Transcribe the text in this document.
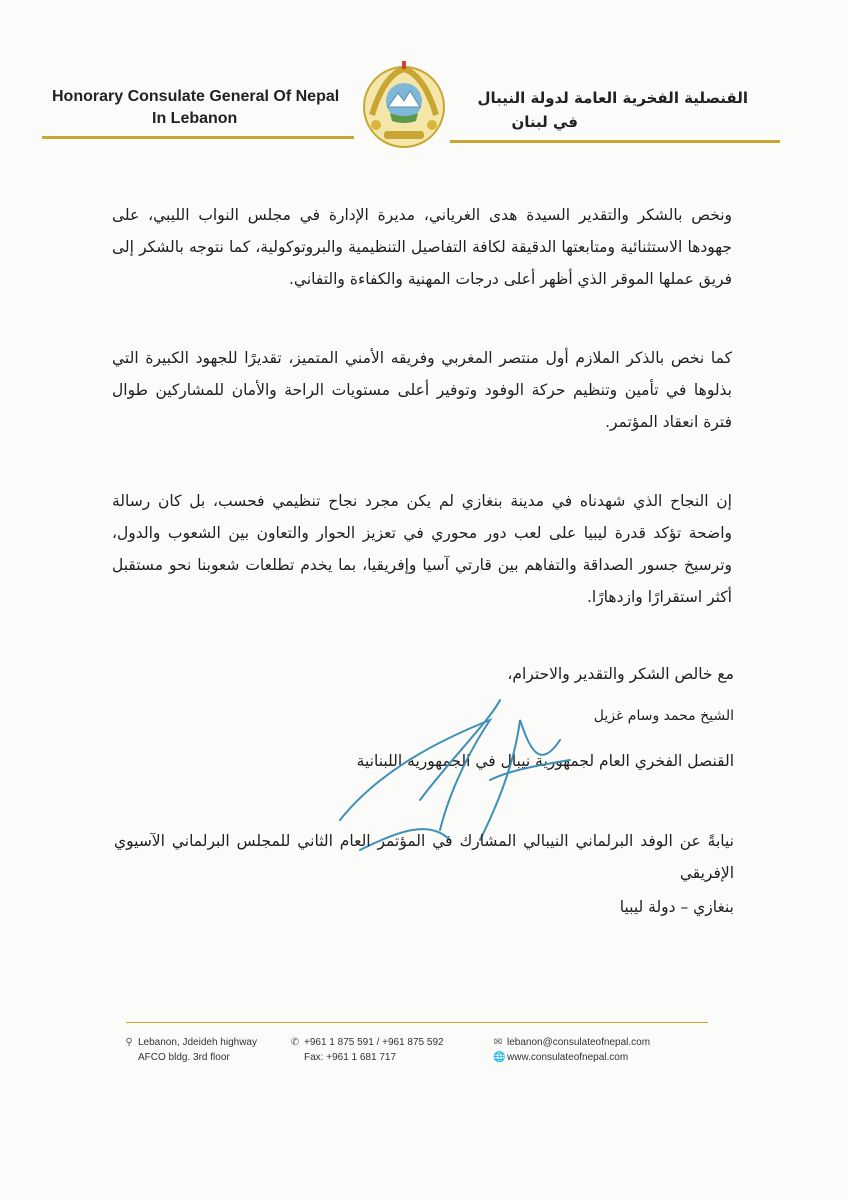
Honorary Consulate General Of Nepal
In Lebanon
القنصلية الفخرية العامة لدولة النيبال
في لبنان
ونخص بالشكر والتقدير السيدة هدى الغرياني، مديرة الإدارة في مجلس النواب الليبي، على جهودها الاستثنائية ومتابعتها الدقيقة لكافة التفاصيل التنظيمية والبروتوكولية، كما نتوجه بالشكر إلى فريق عملها الموقر الذي أظهر أعلى درجات المهنية والكفاءة والتفاني.
كما نخص بالذكر الملازم أول منتصر المغربي وفريقه الأمني المتميز، تقديرًا للجهود الكبيرة التي بذلوها في تأمين وتنظيم حركة الوفود وتوفير أعلى مستويات الراحة والأمان للمشاركين طوال فترة انعقاد المؤتمر.
إن النجاح الذي شهدناه في مدينة بنغازي لم يكن مجرد نجاح تنظيمي فحسب، بل كان رسالة واضحة تؤكد قدرة ليبيا على لعب دور محوري في تعزيز الحوار والتعاون بين الشعوب والدول، وترسيخ جسور الصداقة والتفاهم بين قارتي آسيا وإفريقيا، بما يخدم تطلعات شعوبنا نحو مستقبل أكثر استقرارًا وازدهارًا.
مع خالص الشكر والتقدير والاحترام،
الشيخ محمد وسام غزيل
القنصل الفخري العام لجمهورية نيبال في الجمهورية اللبنانية
نيابةً عن الوفد البرلماني النيبالي المشارك في المؤتمر العام الثاني للمجلس البرلماني الآسيوي الإفريقي
بنغازي – دولة ليبيا
⚲ Lebanon, Jdeideh highway
AFCO bldg. 3rd floor
✆ +961 1 875 591 / +961 875 592
Fax: +961 1 681 717
✉ lebanon@consulateofnepal.com
🌐 www.consulateofnepal.com
